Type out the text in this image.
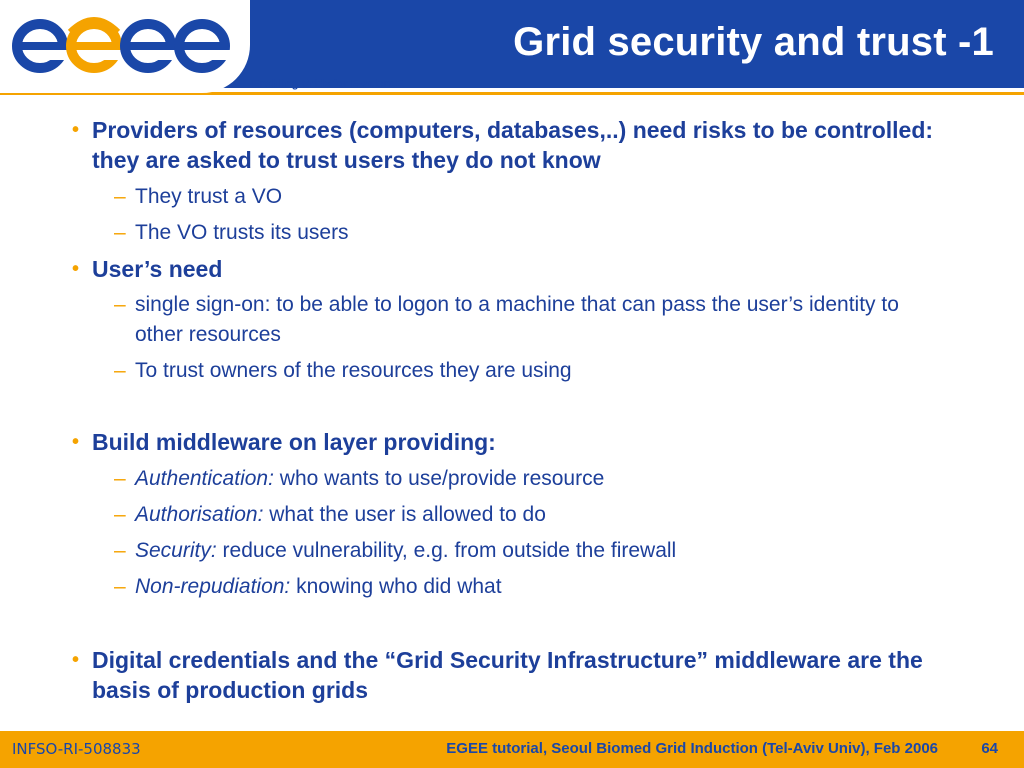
Enabling Grids for E-sciencE
Grid security and trust -1
• Providers of resources (computers, databases,..) need risks to be controlled: they are asked to trust users they do not know
– They trust a VO
– The VO trusts its users
• User’s need
– single sign-on: to be able to logon to a machine that can pass the user’s identity to other resources
– To trust owners of the resources they are using
• Build middleware on layer providing:
– Authentication: who wants to use/provide resource
– Authorisation: what the user is allowed to do
– Security: reduce vulnerability, e.g. from outside the firewall
– Non-repudiation: knowing who did what
• Digital credentials and the “Grid Security Infrastructure” middleware are the basis of production grids
INFSO-RI-508833	EGEE tutorial, Seoul Biomed Grid Induction (Tel-Aviv Univ), Feb 2006	64
